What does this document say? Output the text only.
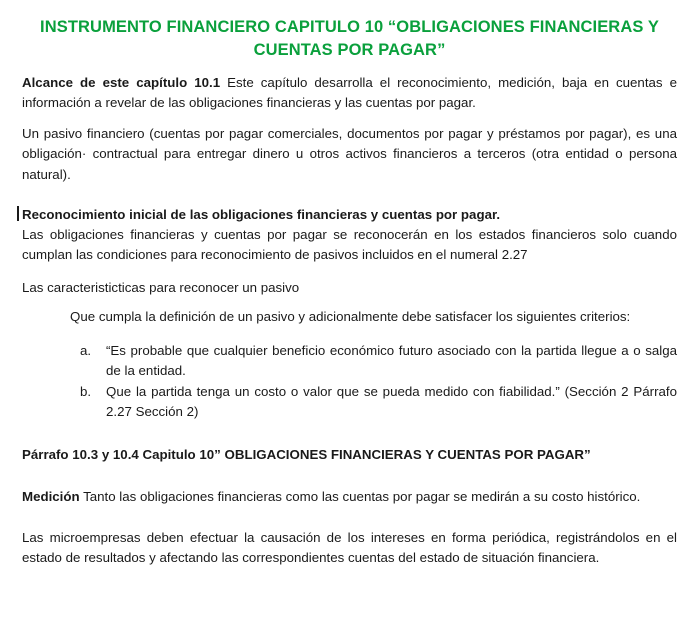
INSTRUMENTO FINANCIERO CAPITULO 10 “OBLIGACIONES FINANCIERAS Y CUENTAS POR PAGAR”

Alcance de este capítulo 10.1 Este capítulo desarrolla el reconocimiento, medición, baja en cuentas e información a revelar de las obligaciones financieras y las cuentas por pagar.

Un pasivo financiero (cuentas por pagar comerciales, documentos por pagar y préstamos por pagar), es una obligación· contractual para entregar dinero u otros activos financieros a terceros (otra entidad o persona natural).

Reconocimiento inicial de las obligaciones financieras y cuentas por pagar.

Las obligaciones financieras y cuentas por pagar se reconocerán en los estados financieros solo cuando cumplan las condiciones para reconocimiento de pasivos incluidos en el numeral 2.27

Las caracteristicticas para reconocer un pasivo

Que cumpla la definición de un pasivo y adicionalmente debe satisfacer los siguientes criterios:

a.	“Es probable que cualquier beneficio económico futuro asociado con la partida llegue a o salga de la entidad.
b.	Que la partida tenga un costo o valor que se pueda medido con fiabilidad.” (Sección 2 Párrafo 2.27 Sección 2)

Párrafo 10.3 y 10.4 Capitulo 10” OBLIGACIONES FINANCIERAS Y CUENTAS POR PAGAR”

Medición Tanto las obligaciones financieras como las cuentas por pagar se medirán a su costo histórico.

Las microempresas deben efectuar la causación de los intereses en forma periódica, registrándolos en el estado de resultados y afectando las correspondientes cuentas del estado de situación financiera.
